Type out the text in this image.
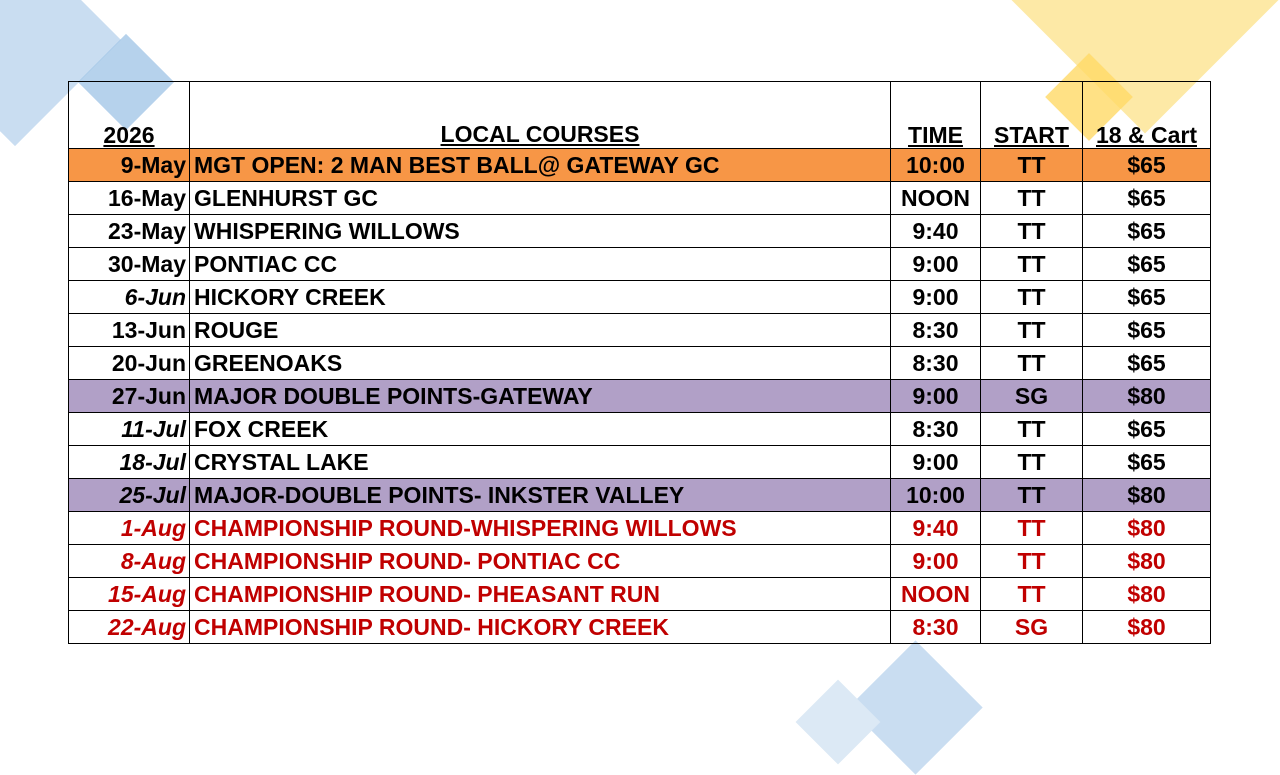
2026	LOCAL COURSES	TIME	START	18 & Cart
9-May	MGT OPEN: 2 MAN BEST BALL@ GATEWAY GC	10:00	TT	$65
16-May	GLENHURST GC	NOON	TT	$65
23-May	WHISPERING WILLOWS	9:40	TT	$65
30-May	PONTIAC CC	9:00	TT	$65
6-Jun	HICKORY CREEK	9:00	TT	$65
13-Jun	ROUGE	8:30	TT	$65
20-Jun	GREENOAKS	8:30	TT	$65
27-Jun	MAJOR DOUBLE POINTS-GATEWAY	9:00	SG	$80
11-Jul	FOX CREEK	8:30	TT	$65
18-Jul	CRYSTAL LAKE	9:00	TT	$65
25-Jul	MAJOR-DOUBLE POINTS- INKSTER VALLEY	10:00	TT	$80
1-Aug	CHAMPIONSHIP ROUND-WHISPERING WILLOWS	9:40	TT	$80
8-Aug	CHAMPIONSHIP ROUND- PONTIAC CC	9:00	TT	$80
15-Aug	CHAMPIONSHIP ROUND- PHEASANT RUN	NOON	TT	$80
22-Aug	CHAMPIONSHIP ROUND- HICKORY CREEK	8:30	SG	$80
